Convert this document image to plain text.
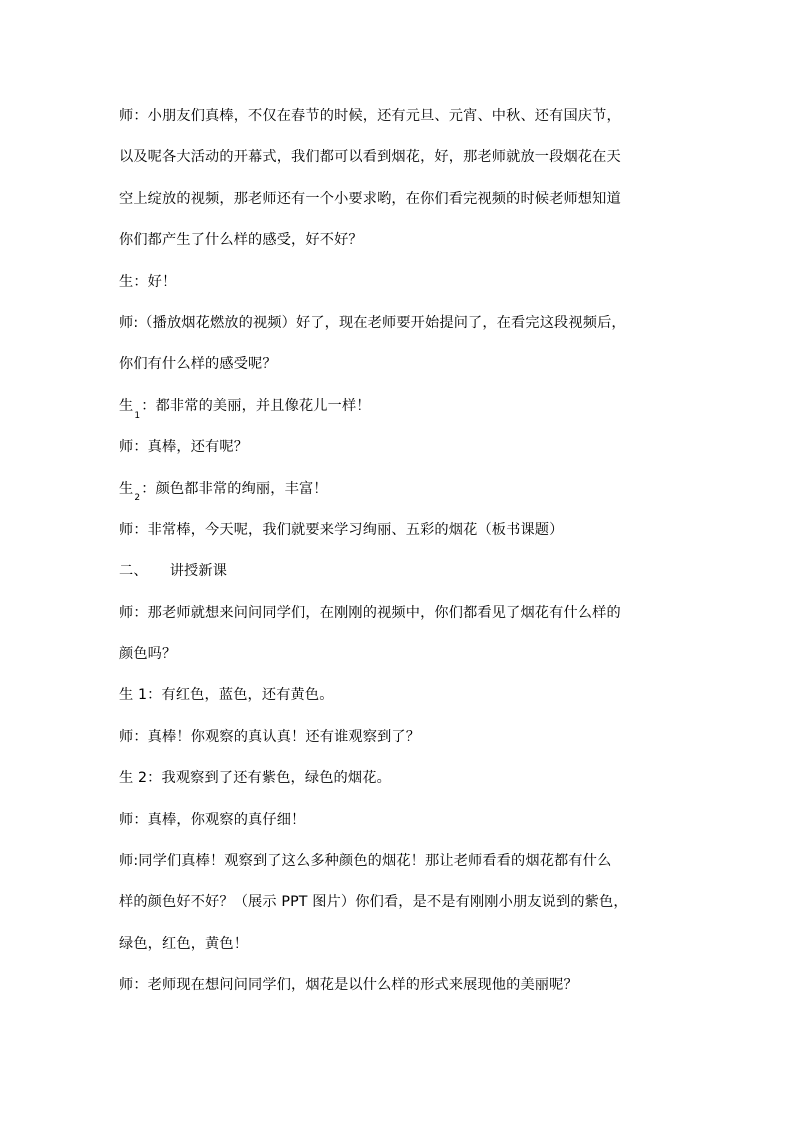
师：小朋友们真棒，不仅在春节的时候，还有元旦、元宵、中秋、还有国庆节，
以及呢各大活动的开幕式，我们都可以看到烟花，好，那老师就放一段烟花在天
空上绽放的视频，那老师还有一个小要求哟，在你们看完视频的时候老师想知道
你们都产生了什么样的感受，好不好？
生：好！
师:（播放烟花燃放的视频）好了，现在老师要开始提问了，在看完这段视频后，
你们有什么样的感受呢？
生$_1$：都非常的美丽，并且像花儿一样！
师：真棒，还有呢？
生$_2$：颜色都非常的绚丽，丰富！
师：非常棒，今天呢，我们就要来学习绚丽、五彩的烟花（板书课题）
二、 讲授新课
师：那老师就想来问问同学们，在刚刚的视频中，你们都看见了烟花有什么样的
颜色吗？
生 1：有红色，蓝色，还有黄色。
师：真棒！你观察的真认真！还有谁观察到了？
生 2：我观察到了还有紫色，绿色的烟花。
师：真棒，你观察的真仔细！
师:同学们真棒！观察到了这么多种颜色的烟花！那让老师看看的烟花都有什么
样的颜色好不好？（展示 PPT 图片）你们看，是不是有刚刚小朋友说到的紫色，
绿色，红色，黄色！
师：老师现在想问问同学们，烟花是以什么样的形式来展现他的美丽呢？
